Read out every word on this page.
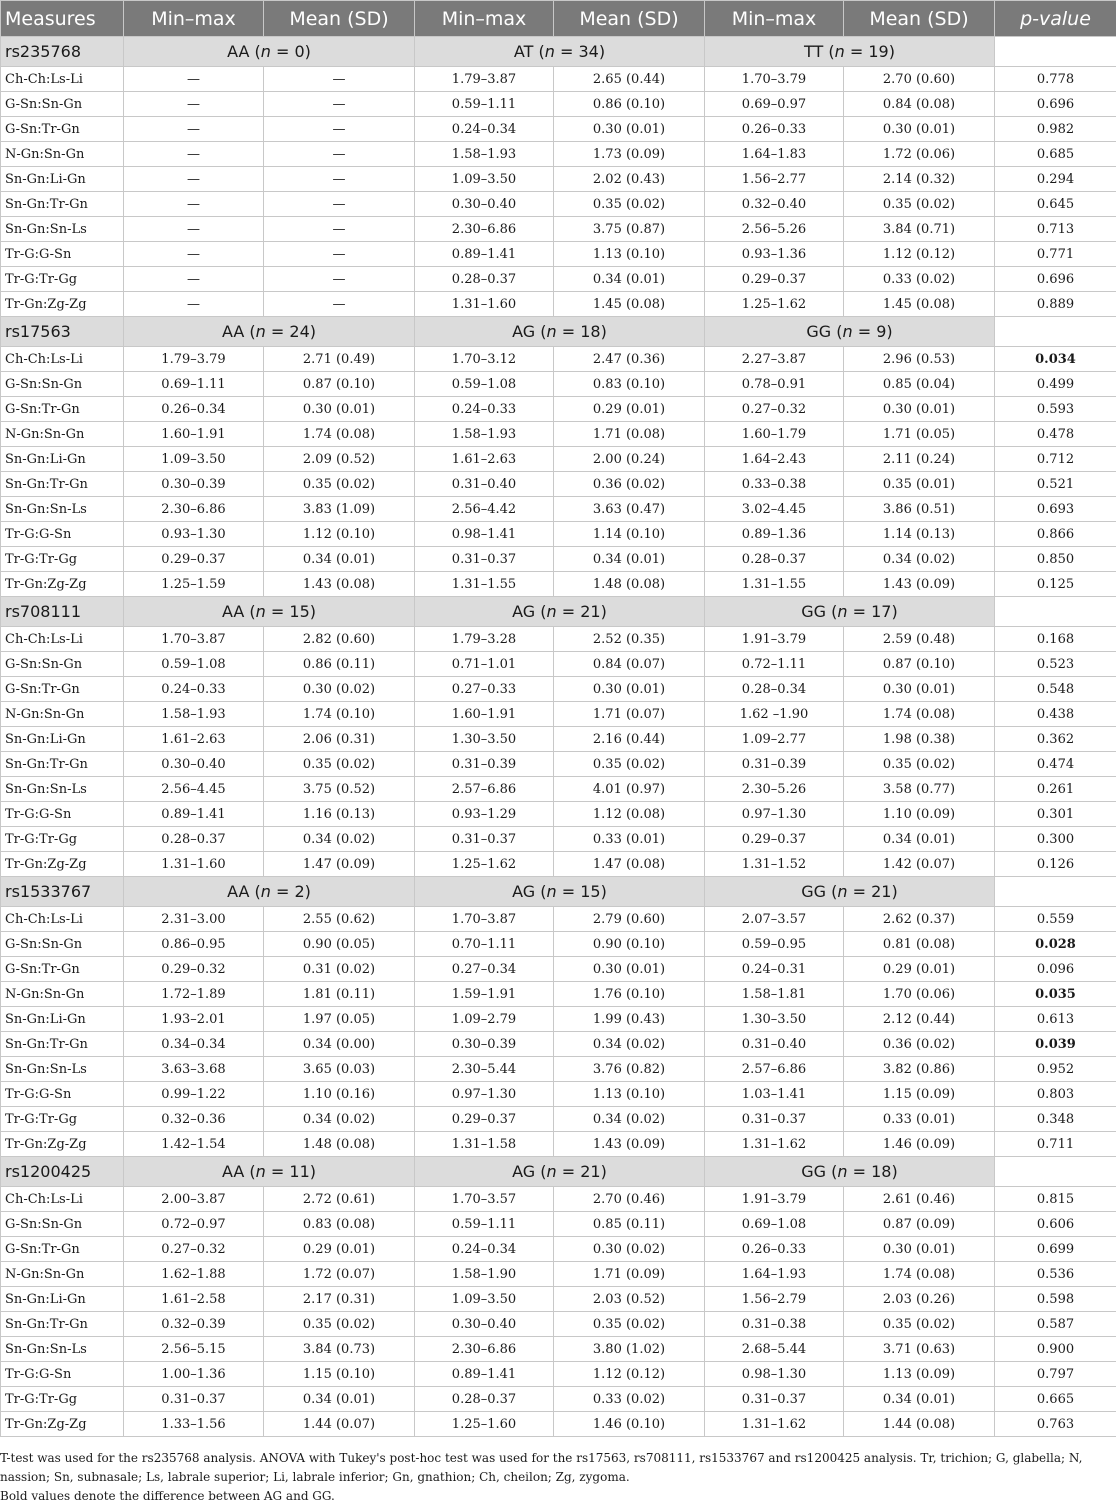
Measures	Min–max	Mean (SD)	Min–max	Mean (SD)	Min–max	Mean (SD)	p-value
rs235768	AA (n = 0)		AT (n = 34)		TT (n = 19)		
Ch-Ch:Ls-Li	—	—	1.79–3.87	2.65 (0.44)	1.70–3.79	2.70 (0.60)	0.778
G-Sn:Sn-Gn	—	—	0.59–1.11	0.86 (0.10)	0.69–0.97	0.84 (0.08)	0.696
G-Sn:Tr-Gn	—	—	0.24–0.34	0.30 (0.01)	0.26–0.33	0.30 (0.01)	0.982
N-Gn:Sn-Gn	—	—	1.58–1.93	1.73 (0.09)	1.64–1.83	1.72 (0.06)	0.685
Sn-Gn:Li-Gn	—	—	1.09–3.50	2.02 (0.43)	1.56–2.77	2.14 (0.32)	0.294
Sn-Gn:Tr-Gn	—	—	0.30–0.40	0.35 (0.02)	0.32–0.40	0.35 (0.02)	0.645
Sn-Gn:Sn-Ls	—	—	2.30–6.86	3.75 (0.87)	2.56–5.26	3.84 (0.71)	0.713
Tr-G:G-Sn	—	—	0.89–1.41	1.13 (0.10)	0.93–1.36	1.12 (0.12)	0.771
Tr-G:Tr-Gg	—	—	0.28–0.37	0.34 (0.01)	0.29–0.37	0.33 (0.02)	0.696
Tr-Gn:Zg-Zg	—	—	1.31–1.60	1.45 (0.08)	1.25–1.62	1.45 (0.08)	0.889
rs17563	AA (n = 24)		AG (n = 18)		GG (n = 9)		
Ch-Ch:Ls-Li	1.79–3.79	2.71 (0.49)	1.70–3.12	2.47 (0.36)	2.27–3.87	2.96 (0.53)	0.034
G-Sn:Sn-Gn	0.69–1.11	0.87 (0.10)	0.59–1.08	0.83 (0.10)	0.78–0.91	0.85 (0.04)	0.499
G-Sn:Tr-Gn	0.26–0.34	0.30 (0.01)	0.24–0.33	0.29 (0.01)	0.27–0.32	0.30 (0.01)	0.593
N-Gn:Sn-Gn	1.60–1.91	1.74 (0.08)	1.58–1.93	1.71 (0.08)	1.60–1.79	1.71 (0.05)	0.478
Sn-Gn:Li-Gn	1.09–3.50	2.09 (0.52)	1.61–2.63	2.00 (0.24)	1.64–2.43	2.11 (0.24)	0.712
Sn-Gn:Tr-Gn	0.30–0.39	0.35 (0.02)	0.31–0.40	0.36 (0.02)	0.33–0.38	0.35 (0.01)	0.521
Sn-Gn:Sn-Ls	2.30–6.86	3.83 (1.09)	2.56–4.42	3.63 (0.47)	3.02–4.45	3.86 (0.51)	0.693
Tr-G:G-Sn	0.93–1.30	1.12 (0.10)	0.98–1.41	1.14 (0.10)	0.89–1.36	1.14 (0.13)	0.866
Tr-G:Tr-Gg	0.29–0.37	0.34 (0.01)	0.31–0.37	0.34 (0.01)	0.28–0.37	0.34 (0.02)	0.850
Tr-Gn:Zg-Zg	1.25–1.59	1.43 (0.08)	1.31–1.55	1.48 (0.08)	1.31–1.55	1.43 (0.09)	0.125
rs708111	AA (n = 15)		AG (n = 21)		GG (n = 17)		
Ch-Ch:Ls-Li	1.70–3.87	2.82 (0.60)	1.79–3.28	2.52 (0.35)	1.91–3.79	2.59 (0.48)	0.168
G-Sn:Sn-Gn	0.59–1.08	0.86 (0.11)	0.71–1.01	0.84 (0.07)	0.72–1.11	0.87 (0.10)	0.523
G-Sn:Tr-Gn	0.24–0.33	0.30 (0.02)	0.27–0.33	0.30 (0.01)	0.28–0.34	0.30 (0.01)	0.548
N-Gn:Sn-Gn	1.58–1.93	1.74 (0.10)	1.60–1.91	1.71 (0.07)	1.62 –1.90	1.74 (0.08)	0.438
Sn-Gn:Li-Gn	1.61–2.63	2.06 (0.31)	1.30–3.50	2.16 (0.44)	1.09–2.77	1.98 (0.38)	0.362
Sn-Gn:Tr-Gn	0.30–0.40	0.35 (0.02)	0.31–0.39	0.35 (0.02)	0.31–0.39	0.35 (0.02)	0.474
Sn-Gn:Sn-Ls	2.56–4.45	3.75 (0.52)	2.57–6.86	4.01 (0.97)	2.30–5.26	3.58 (0.77)	0.261
Tr-G:G-Sn	0.89–1.41	1.16 (0.13)	0.93–1.29	1.12 (0.08)	0.97–1.30	1.10 (0.09)	0.301
Tr-G:Tr-Gg	0.28–0.37	0.34 (0.02)	0.31–0.37	0.33 (0.01)	0.29–0.37	0.34 (0.01)	0.300
Tr-Gn:Zg-Zg	1.31–1.60	1.47 (0.09)	1.25–1.62	1.47 (0.08)	1.31–1.52	1.42 (0.07)	0.126
rs1533767	AA (n = 2)		AG (n = 15)		GG (n = 21)		
Ch-Ch:Ls-Li	2.31–3.00	2.55 (0.62)	1.70–3.87	2.79 (0.60)	2.07–3.57	2.62 (0.37)	0.559
G-Sn:Sn-Gn	0.86–0.95	0.90 (0.05)	0.70–1.11	0.90 (0.10)	0.59–0.95	0.81 (0.08)	0.028
G-Sn:Tr-Gn	0.29–0.32	0.31 (0.02)	0.27–0.34	0.30 (0.01)	0.24–0.31	0.29 (0.01)	0.096
N-Gn:Sn-Gn	1.72–1.89	1.81 (0.11)	1.59–1.91	1.76 (0.10)	1.58–1.81	1.70 (0.06)	0.035
Sn-Gn:Li-Gn	1.93–2.01	1.97 (0.05)	1.09–2.79	1.99 (0.43)	1.30–3.50	2.12 (0.44)	0.613
Sn-Gn:Tr-Gn	0.34–0.34	0.34 (0.00)	0.30–0.39	0.34 (0.02)	0.31–0.40	0.36 (0.02)	0.039
Sn-Gn:Sn-Ls	3.63–3.68	3.65 (0.03)	2.30–5.44	3.76 (0.82)	2.57–6.86	3.82 (0.86)	0.952
Tr-G:G-Sn	0.99–1.22	1.10 (0.16)	0.97–1.30	1.13 (0.10)	1.03–1.41	1.15 (0.09)	0.803
Tr-G:Tr-Gg	0.32–0.36	0.34 (0.02)	0.29–0.37	0.34 (0.02)	0.31–0.37	0.33 (0.01)	0.348
Tr-Gn:Zg-Zg	1.42–1.54	1.48 (0.08)	1.31–1.58	1.43 (0.09)	1.31–1.62	1.46 (0.09)	0.711
rs1200425	AA (n = 11)		AG (n = 21)		GG (n = 18)		
Ch-Ch:Ls-Li	2.00–3.87	2.72 (0.61)	1.70–3.57	2.70 (0.46)	1.91–3.79	2.61 (0.46)	0.815
G-Sn:Sn-Gn	0.72–0.97	0.83 (0.08)	0.59–1.11	0.85 (0.11)	0.69–1.08	0.87 (0.09)	0.606
G-Sn:Tr-Gn	0.27–0.32	0.29 (0.01)	0.24–0.34	0.30 (0.02)	0.26–0.33	0.30 (0.01)	0.699
N-Gn:Sn-Gn	1.62–1.88	1.72 (0.07)	1.58–1.90	1.71 (0.09)	1.64–1.93	1.74 (0.08)	0.536
Sn-Gn:Li-Gn	1.61–2.58	2.17 (0.31)	1.09–3.50	2.03 (0.52)	1.56–2.79	2.03 (0.26)	0.598
Sn-Gn:Tr-Gn	0.32–0.39	0.35 (0.02)	0.30–0.40	0.35 (0.02)	0.31–0.38	0.35 (0.02)	0.587
Sn-Gn:Sn-Ls	2.56–5.15	3.84 (0.73)	2.30–6.86	3.80 (1.02)	2.68–5.44	3.71 (0.63)	0.900
Tr-G:G-Sn	1.00–1.36	1.15 (0.10)	0.89–1.41	1.12 (0.12)	0.98–1.30	1.13 (0.09)	0.797
Tr-G:Tr-Gg	0.31–0.37	0.34 (0.01)	0.28–0.37	0.33 (0.02)	0.31–0.37	0.34 (0.01)	0.665
Tr-Gn:Zg-Zg	1.33–1.56	1.44 (0.07)	1.25–1.60	1.46 (0.10)	1.31–1.62	1.44 (0.08)	0.763

T-test was used for the rs235768 analysis. ANOVA with Tukey's post-hoc test was used for the rs17563, rs708111, rs1533767 and rs1200425 analysis. Tr, trichion; G, glabella; N, nassion; Sn, subnasale; Ls, labrale superior; Li, labrale inferior; Gn, gnathion; Ch, cheilon; Zg, zygoma.

Bold values denote the difference between AG and GG.
